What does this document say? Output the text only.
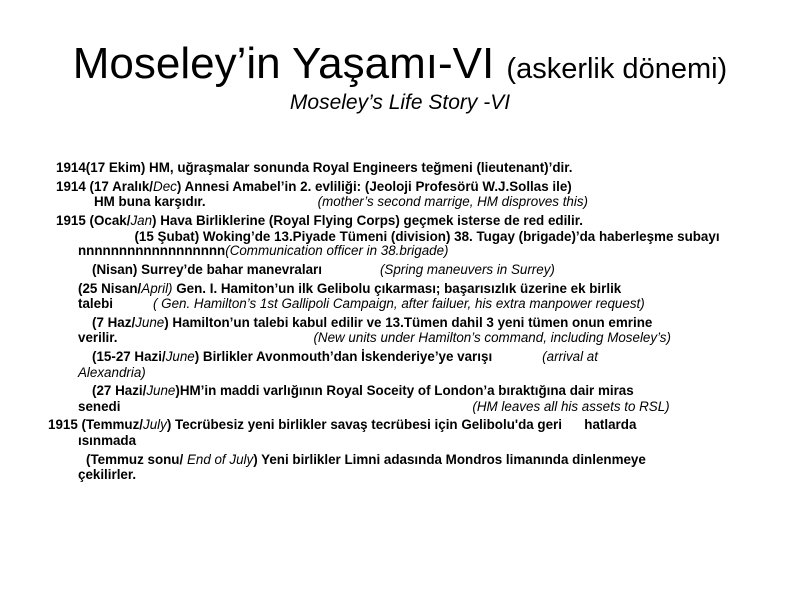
Moseley’in Yaşamı-VI (askerlik dönemi)
Moseley’s Life Story -VI

1914(17 Ekim) HM, uğraşmalar sonunda Royal Engineers teğmeni (lieutenant)’dir.

1914 (17 Aralık/Dec) Annesi Amabel’in 2. evliliği: (Jeoloji Profesörü W.J.Sollas ile)

HM buna karşıdır.	(mother’s second marrige, HM disproves this)

1915 (Ocak/Jan) Hava Birliklerine (Royal Flying Corps) geçmek isterse de red edilir.

(15 Şubat) Woking’de 13.Piyade Tümeni (division) 38. Tugay (brigade)’da haberleşme subayı

nnnnnnnnnnnnnnnnnn(Communication officer in 38.brigade)

(Nisan) Surrey’de bahar manevraları	(Spring maneuvers in Surrey)

(25 Nisan/April) Gen. I. Hamiton’un ilk Gelibolu çıkarması; başarısızlık üzerine ek birlik

talebi	( Gen. Hamilton’s 1st Gallipoli Campaign, after failuer, his extra manpower request)

(7 Haz/June) Hamilton’un talebi kabul edilir ve 13.Tümen dahil 3 yeni tümen onun emrine

verilir.	(New units under Hamilton’s command, including Moseley’s)

(15-27 Hazi/June) Birlikler Avonmouth’dan İskenderiye’ye varışı	(arrival at

Alexandria)

(27 Hazi/June)HM’in maddi varlığının Royal Soceity of London’a bıraktığına dair miras

senedi	(HM leaves all his assets to RSL)

1915 (Temmuz/July) Tecrübesiz yeni birlikler savaş tecrübesi için Gelibolu'da geri      hatlarda

ısınmada

(Temmuz sonu/ End of July) Yeni birlikler Limni adasında Mondros limanında dinlenmeye

çekilirler.
